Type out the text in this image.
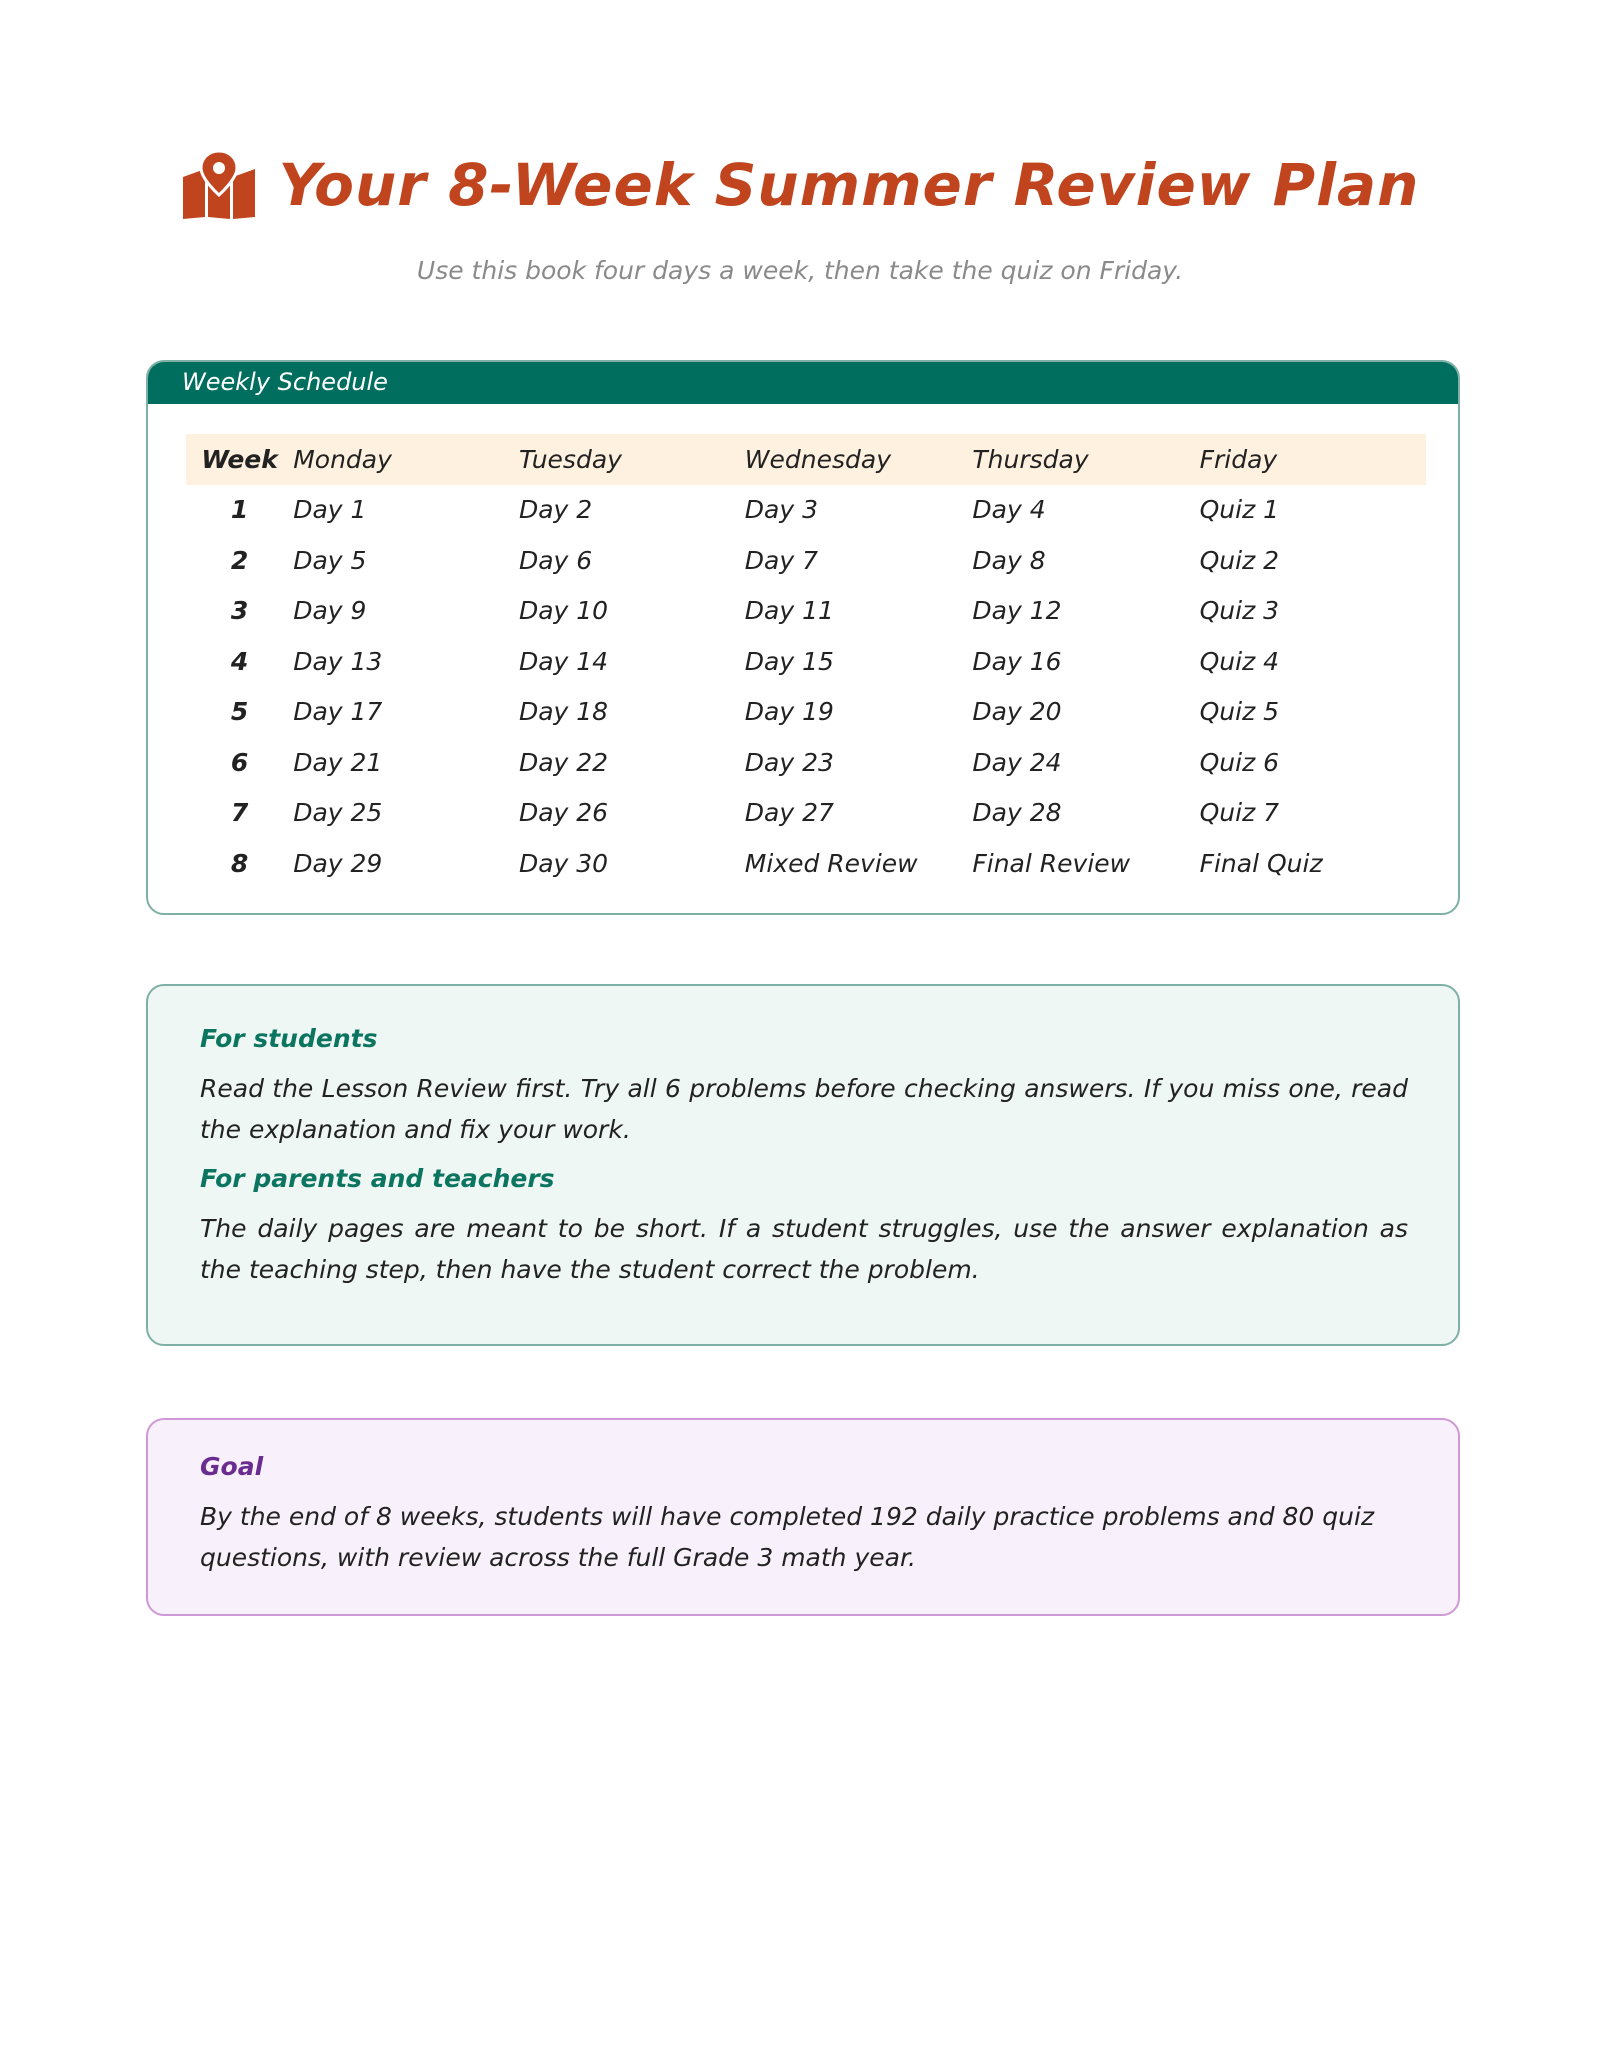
Your 8-Week Summer Review Plan
Use this book four days a week, then take the quiz on Friday.
Weekly Schedule
Week	Monday	Tuesday	Wednesday	Thursday	Friday
1	Day 1	Day 2	Day 3	Day 4	Quiz 1
2	Day 5	Day 6	Day 7	Day 8	Quiz 2
3	Day 9	Day 10	Day 11	Day 12	Quiz 3
4	Day 13	Day 14	Day 15	Day 16	Quiz 4
5	Day 17	Day 18	Day 19	Day 20	Quiz 5
6	Day 21	Day 22	Day 23	Day 24	Quiz 6
7	Day 25	Day 26	Day 27	Day 28	Quiz 7
8	Day 29	Day 30	Mixed Review	Final Review	Final Quiz

For students

Read the Lesson Review first. Try all 6 problems before checking answers. If you miss one, read the explanation and fix your work.

For parents and teachers

The daily pages are meant to be short. If a student struggles, use the answer explanation as the teaching step, then have the student correct the problem.

Goal

By the end of 8 weeks, students will have completed 192 daily practice problems and 80 quiz questions, with review across the full Grade 3 math year.
